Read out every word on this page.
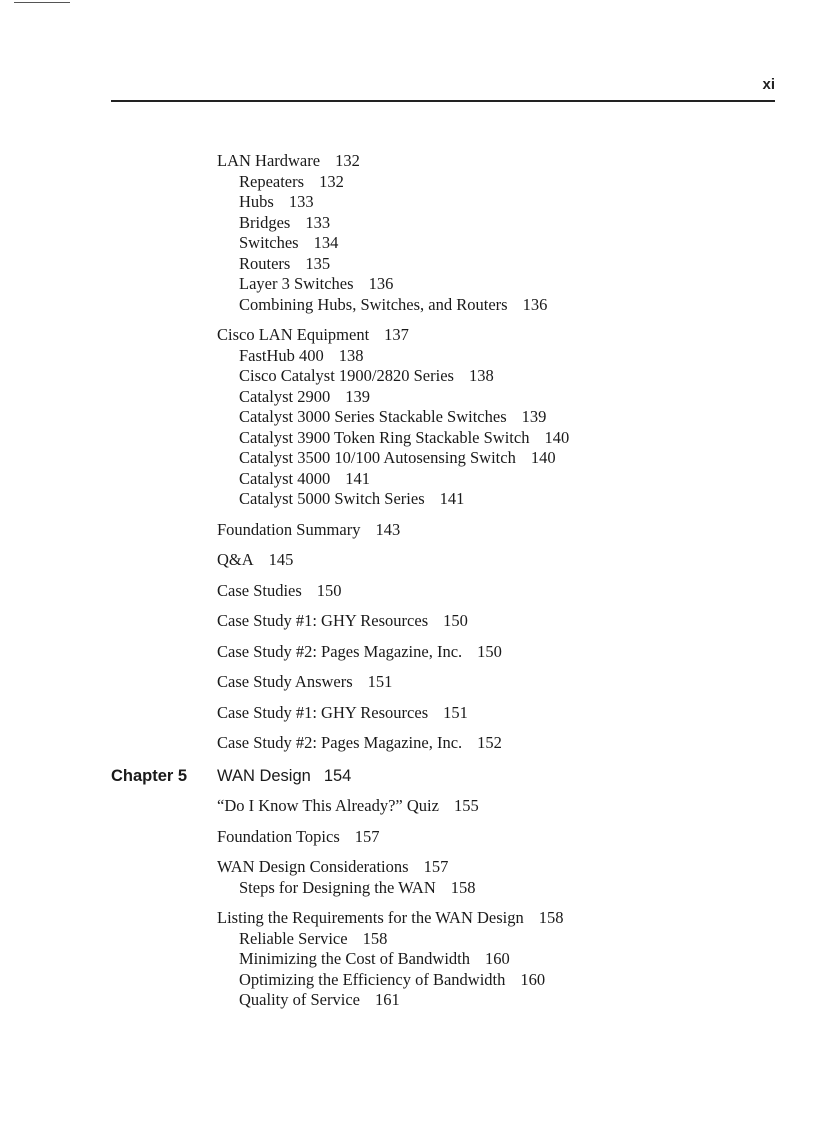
xi
LAN Hardware 132
Repeaters 132
Hubs 133
Bridges 133
Switches 134
Routers 135
Layer 3 Switches 136
Combining Hubs, Switches, and Routers 136
Cisco LAN Equipment 137
FastHub 400 138
Cisco Catalyst 1900/2820 Series 138
Catalyst 2900 139
Catalyst 3000 Series Stackable Switches 139
Catalyst 3900 Token Ring Stackable Switch 140
Catalyst 3500 10/100 Autosensing Switch 140
Catalyst 4000 141
Catalyst 5000 Switch Series 141
Foundation Summary 143
Q&A 145
Case Studies 150
Case Study #1: GHY Resources 150
Case Study #2: Pages Magazine, Inc. 150
Case Study Answers 151
Case Study #1: GHY Resources 151
Case Study #2: Pages Magazine, Inc. 152
Chapter 5 WAN Design 154
“Do I Know This Already?” Quiz 155
Foundation Topics 157
WAN Design Considerations 157
Steps for Designing the WAN 158
Listing the Requirements for the WAN Design 158
Reliable Service 158
Minimizing the Cost of Bandwidth 160
Optimizing the Efficiency of Bandwidth 160
Quality of Service 161
